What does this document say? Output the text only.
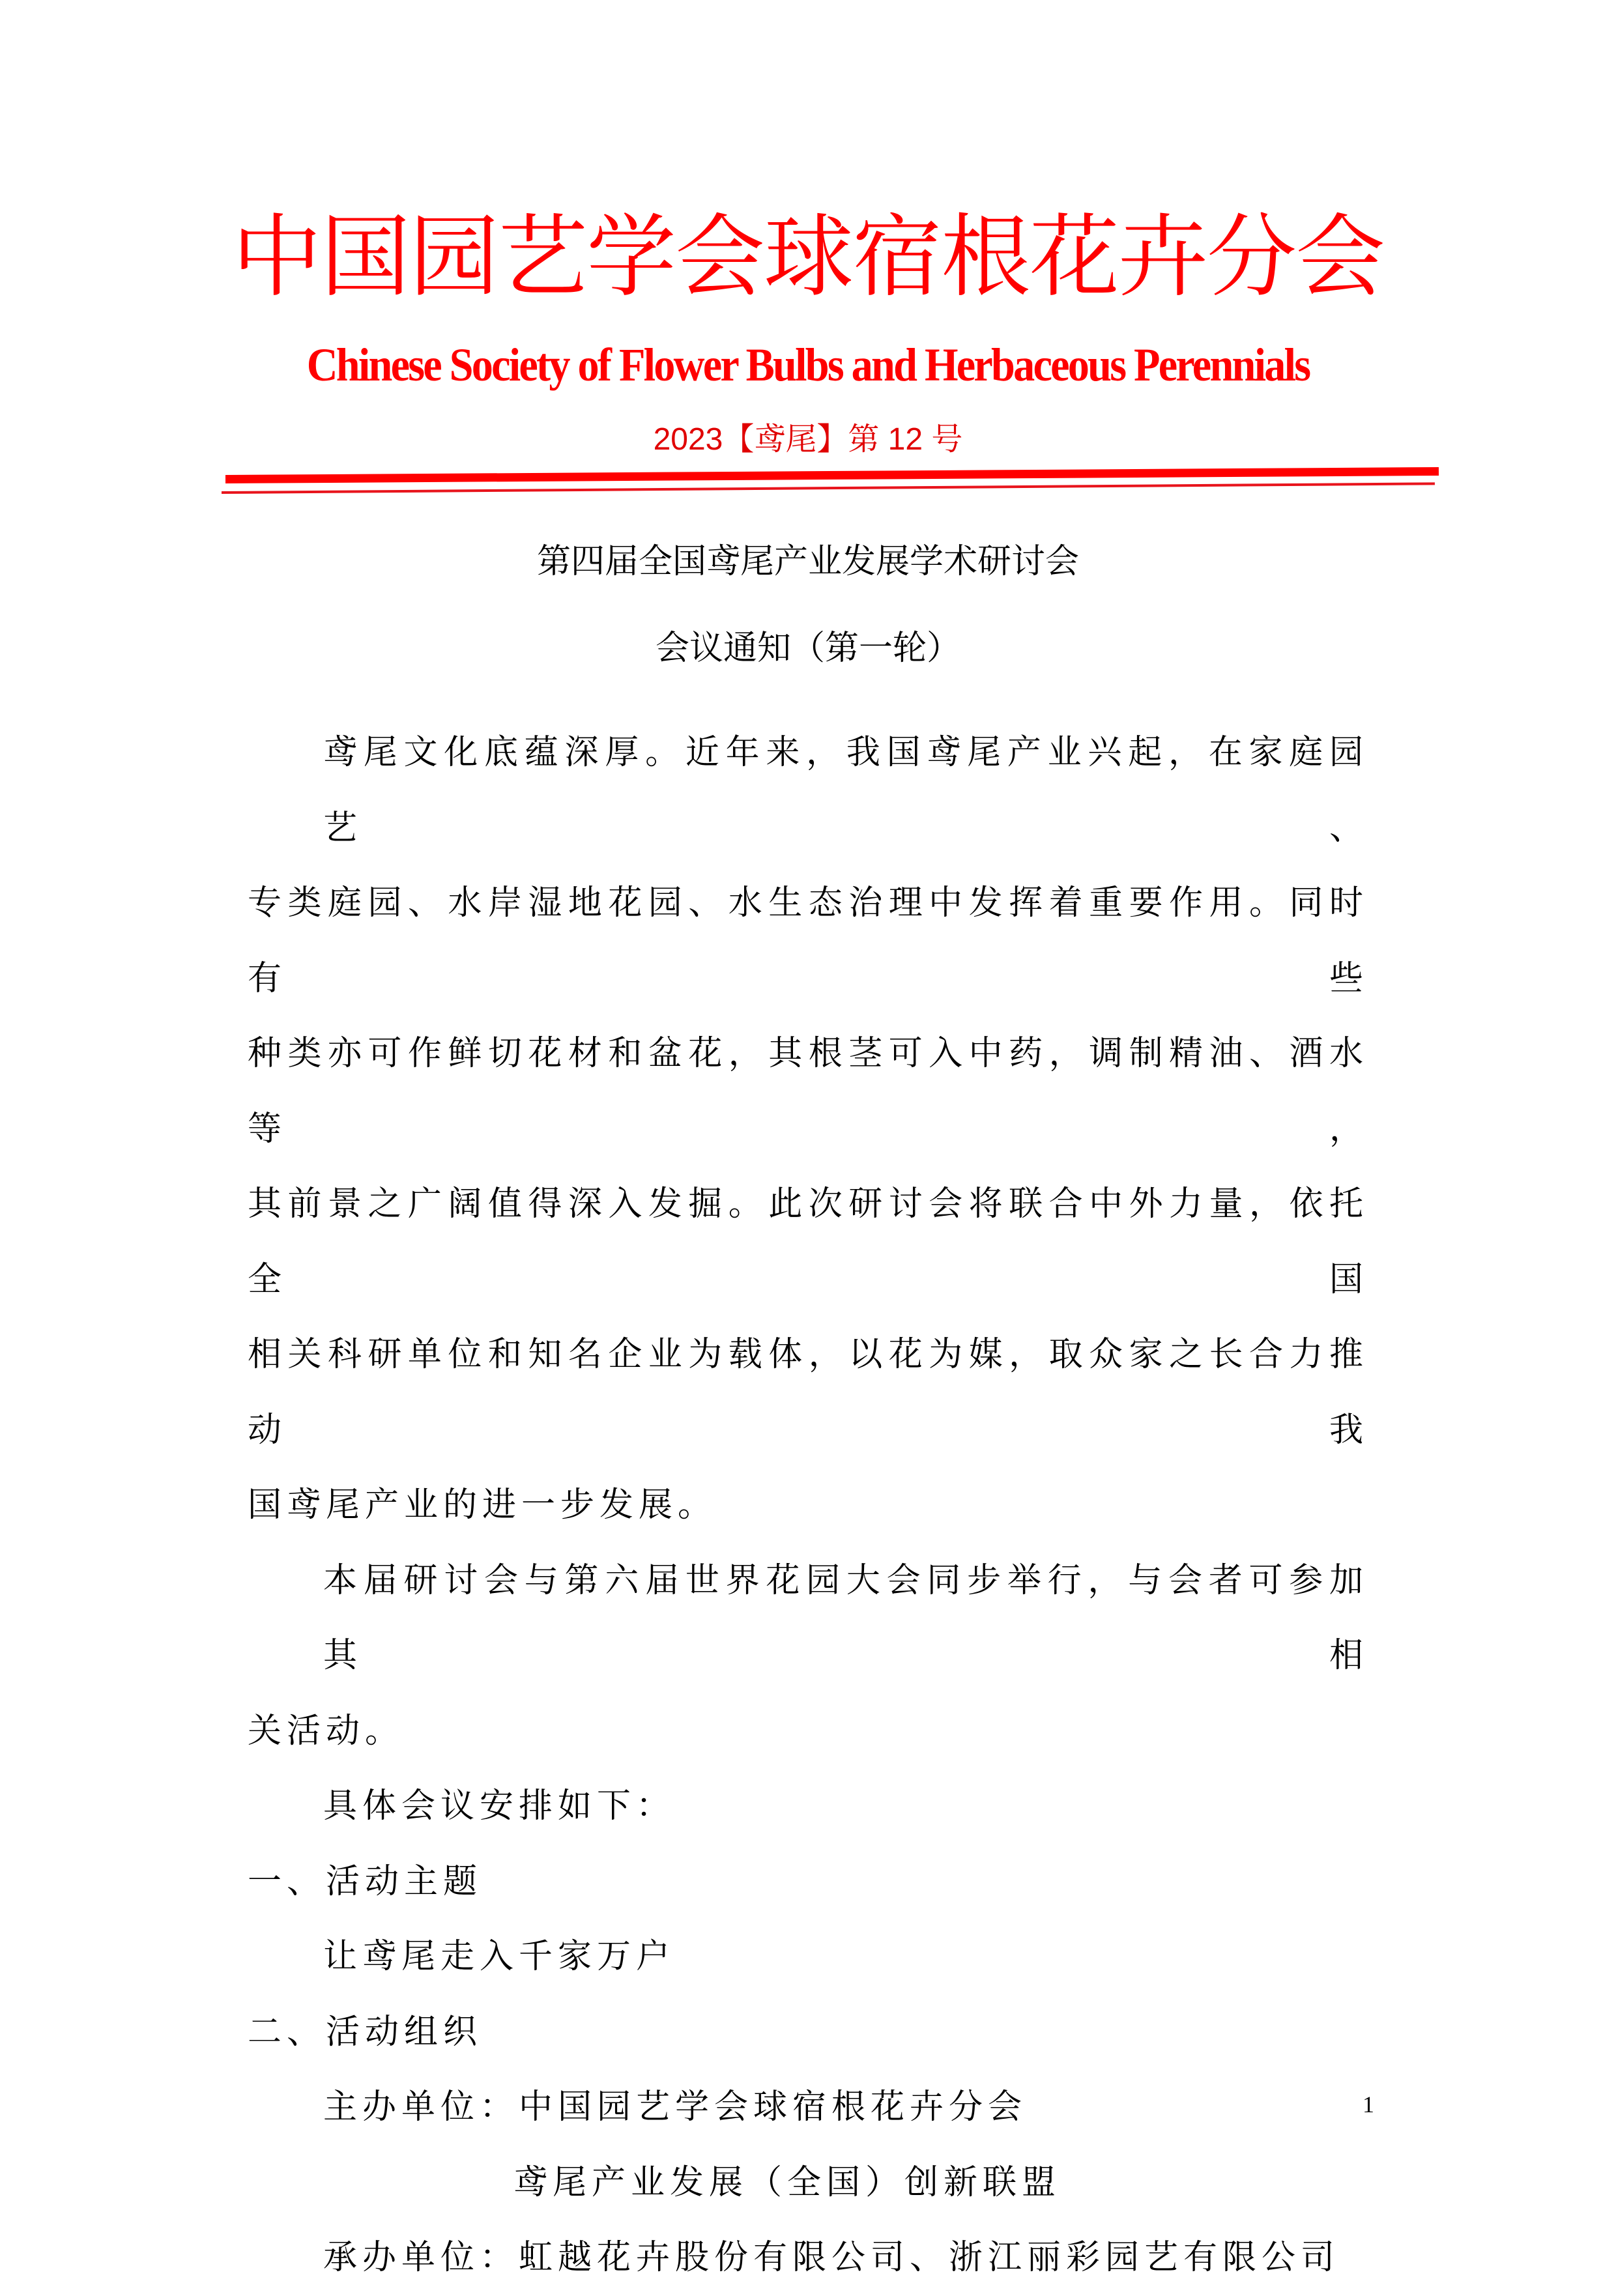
中国园艺学会球宿根花卉分会
Chinese Society of Flower Bulbs and Herbaceous Perennials
2023【鸢尾】第 12 号
第四届全国鸢尾产业发展学术研讨会
会议通知（第一轮）
鸢尾文化底蕴深厚。近年来，我国鸢尾产业兴起，在家庭园艺、
专类庭园、水岸湿地花园、水生态治理中发挥着重要作用。同时有些
种类亦可作鲜切花材和盆花，其根茎可入中药，调制精油、酒水等，
其前景之广阔值得深入发掘。此次研讨会将联合中外力量，依托全国
相关科研单位和知名企业为载体，以花为媒，取众家之长合力推动我
国鸢尾产业的进一步发展。
本届研讨会与第六届世界花园大会同步举行，与会者可参加其相
关活动。

具体会议安排如下：

一、活动主题

让鸢尾走入千家万户

二、活动组织

主办单位：中国园艺学会球宿根花卉分会

鸢尾产业发展（全国）创新联盟

承办单位：虹越花卉股份有限公司、浙江丽彩园艺有限公司

1
